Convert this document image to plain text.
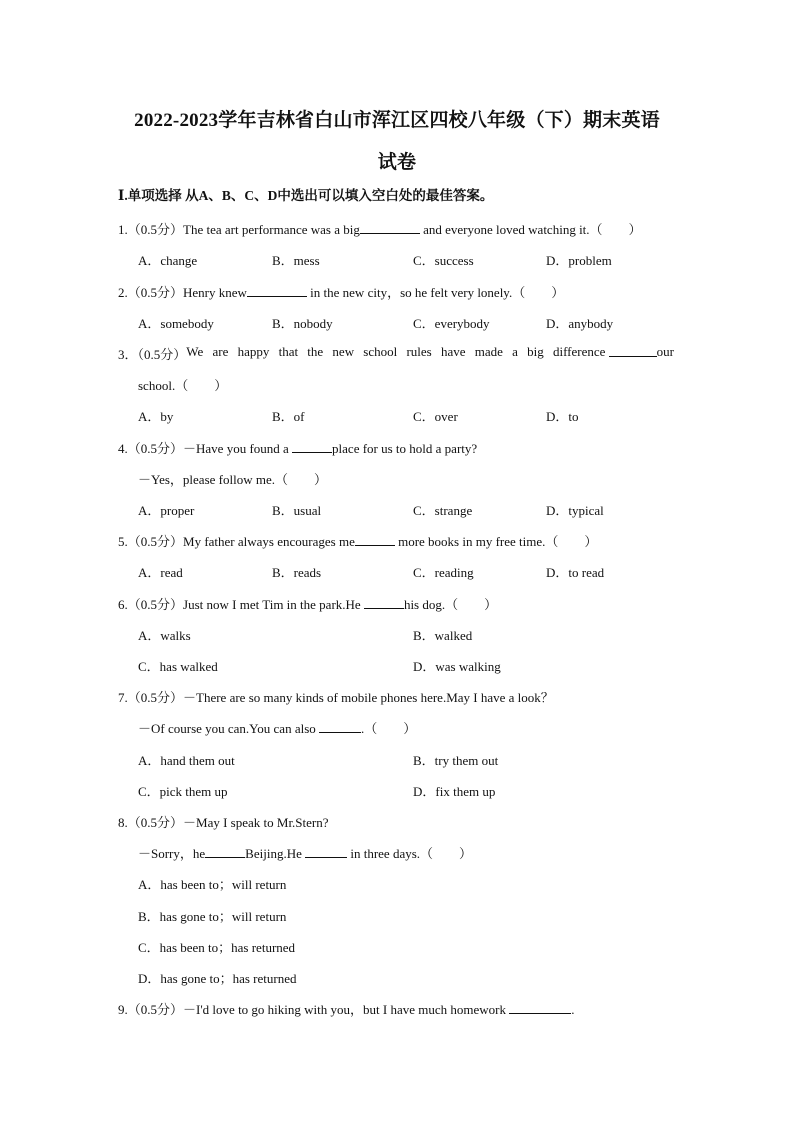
2022-2023学年吉林省白山市浑江区四校八年级（下）期末英语
试卷
Ⅰ.单项选择 从A、B、C、D中选出可以填入空白处的最佳答案。
1.（0.5分）The tea art performance was a big	and everyone loved watching it.（　　）
A．change	B．mess	C．success	D．problem
2.（0.5分）Henry knew	in the new city，so he felt very lonely.（　　）
A．somebody	B．nobody	C．everybody	D．anybody
3．（0.5分） We are happy that the new school rules have made a big difference	our
school.（　　）
A．by	B．of	C．over	D．to
4.（0.5分）－Have you found a	place for us to hold a party?
－Yes，please follow me.（　　）
A．proper	B．usual	C．strange	D．typical
5.（0.5分）My father always encourages me	more books in my free time.（　　）
A．read	B．reads	C．reading	D．to read
6.（0.5分）Just now I met Tim in the park.He	his dog.（　　）
A．walks	B．walked
C．has walked	D．was walking
7.（0.5分）－There are so many kinds of mobile phones here.May I have a look？
－Of course you can.You can also	.（　　）
A．hand them out	B．try them out
C．pick them up	D．fix them up
8.（0.5分）－May I speak to Mr.Stern?
－Sorry，he	Beijing.He	in three days.（　　）
A．has been to；will return
B．has gone to；will return
C．has been to；has returned
D．has gone to；has returned
9.（0.5分）－I'd love to go hiking with you，but I have much homework	.
